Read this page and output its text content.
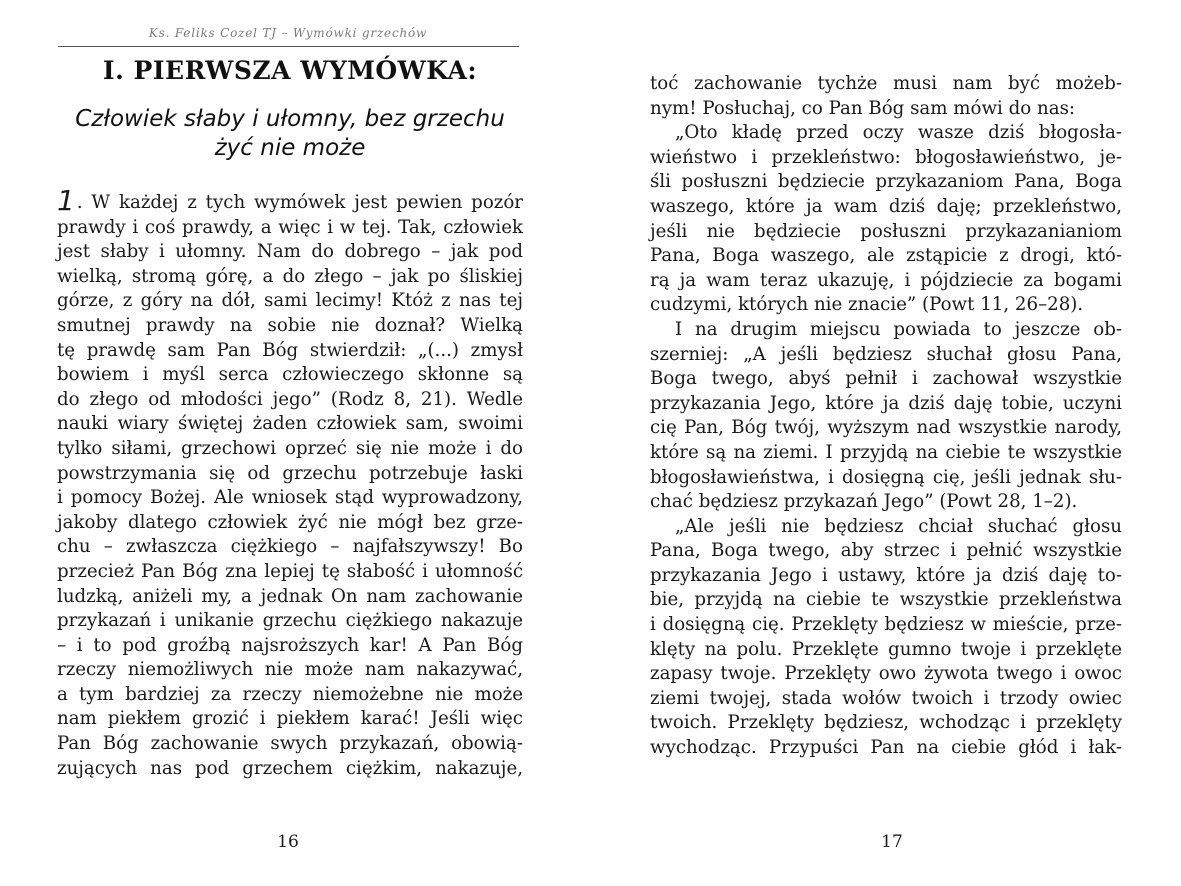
Ks. Feliks Cozel TJ – Wymówki grzechów
I. PIERWSZA WYMÓWKA:
Człowiek słaby i ułomny, bez grzechu
żyć nie może
1 . W każdej z tych wymówek jest pewien pozór
prawdy i coś prawdy, a więc i w tej. Tak, człowiek
jest słaby i ułomny. Nam do dobrego – jak pod
wielką, stromą górę, a do złego – jak po śliskiej
górze, z góry na dół, sami lecimy! Któż z nas tej
smutnej prawdy na sobie nie doznał? Wielką
tę prawdę sam Pan Bóg stwierdził: „(...) zmysł
bowiem i myśl serca człowieczego skłonne są
do złego od młodości jego” (Rodz 8, 21). Wedle
nauki wiary świętej żaden człowiek sam, swoimi
tylko siłami, grzechowi oprzeć się nie może i do
powstrzymania się od grzechu potrzebuje łaski
i pomocy Bożej. Ale wniosek stąd wyprowadzony,
jakoby dlatego człowiek żyć nie mógł bez grze-
chu – zwłaszcza ciężkiego – najfałszywszy! Bo
przecież Pan Bóg zna lepiej tę słabość i ułomność
ludzką, aniżeli my, a jednak On nam zachowanie
przykazań i unikanie grzechu ciężkiego nakazuje
– i to pod groźbą najsroższych kar! A Pan Bóg
rzeczy niemożliwych nie może nam nakazywać,
a tym bardziej za rzeczy niemożebne nie może
nam piekłem grozić i piekłem karać! Jeśli więc
Pan Bóg zachowanie swych przykazań, obowią-
zujących nas pod grzechem ciężkim, nakazuje,
16
toć zachowanie tychże musi nam być możeb-
nym! Posłuchaj, co Pan Bóg sam mówi do nas:
„Oto kładę przed oczy wasze dziś błogosła-
wieństwo i przekleństwo: błogosławieństwo, je-
śli posłuszni będziecie przykazaniom Pana, Boga
waszego, które ja wam dziś daję; przekleństwo,
jeśli nie będziecie posłuszni przykazanianiom
Pana, Boga waszego, ale zstąpicie z drogi, któ-
rą ja wam teraz ukazuję, i pójdziecie za bogami
cudzymi, których nie znacie” (Powt 11, 26–28).
I na drugim miejscu powiada to jeszcze ob-
szerniej: „A jeśli będziesz słuchał głosu Pana,
Boga twego, abyś pełnił i zachował wszystkie
przykazania Jego, które ja dziś daję tobie, uczyni
cię Pan, Bóg twój, wyższym nad wszystkie narody,
które są na ziemi. I przyjdą na ciebie te wszystkie
błogosławieństwa, i dosięgną cię, jeśli jednak słu-
chać będziesz przykazań Jego” (Powt 28, 1–2).
„Ale jeśli nie będziesz chciał słuchać głosu
Pana, Boga twego, aby strzec i pełnić wszystkie
przykazania Jego i ustawy, które ja dziś daję to-
bie, przyjdą na ciebie te wszystkie przekleństwa
i dosięgną cię. Przeklęty będziesz w mieście, prze-
klęty na polu. Przeklęte gumno twoje i przeklęte
zapasy twoje. Przeklęty owo żywota twego i owoc
ziemi twojej, stada wołów twoich i trzody owiec
twoich. Przeklęty będziesz, wchodząc i przeklęty
wychodząc. Przypuści Pan na ciebie głód i łak-
17
